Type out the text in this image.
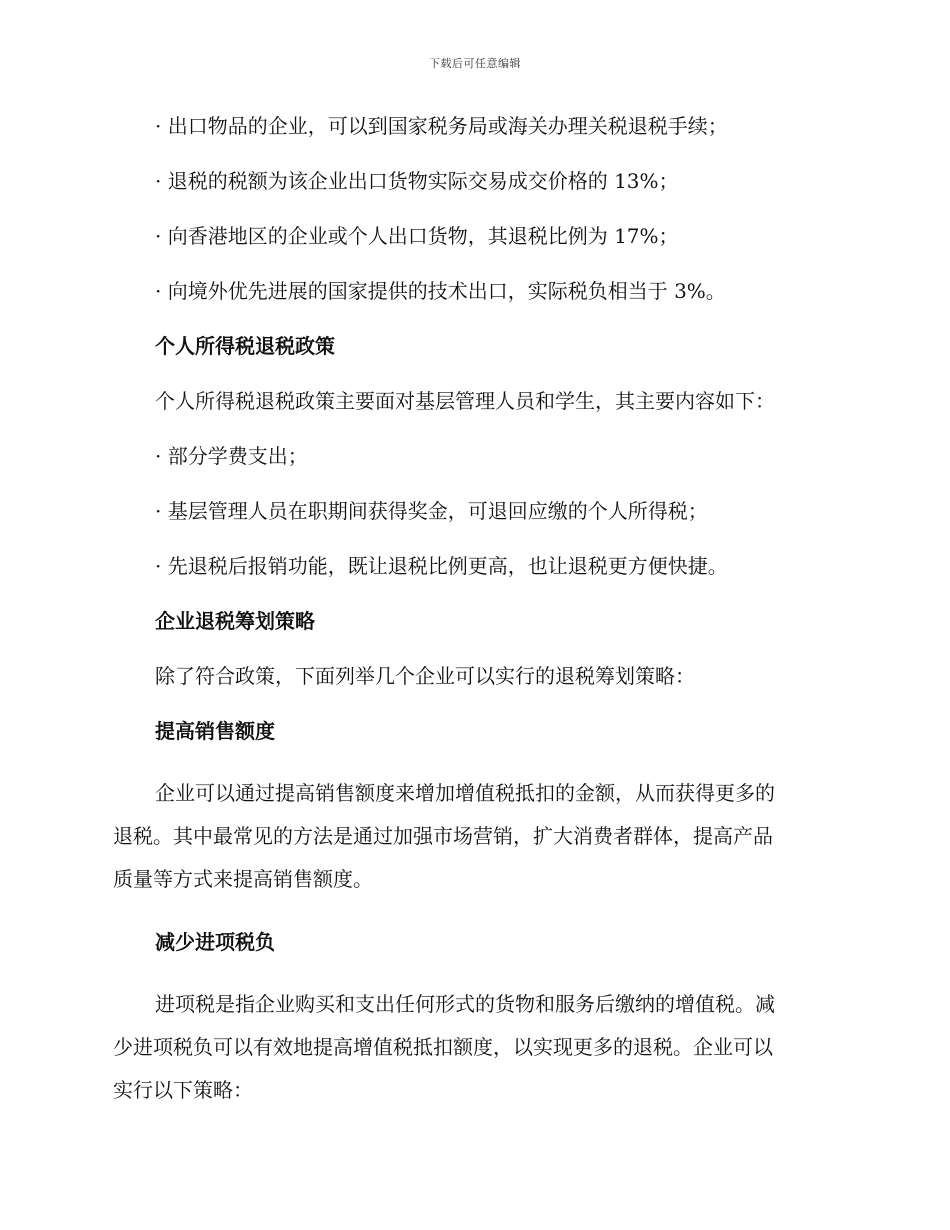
下载后可任意编辑

· 出口物品的企业，可以到国家税务局或海关办理关税退税手续；

· 退税的税额为该企业出口货物实际交易成交价格的 13%；

· 向香港地区的企业或个人出口货物，其退税比例为 17%；

· 向境外优先进展的国家提供的技术出口，实际税负相当于 3%。

个人所得税退税政策

个人所得税退税政策主要面对基层管理人员和学生，其主要内容如下：

· 部分学费支出；

· 基层管理人员在职期间获得奖金，可退回应缴的个人所得税；

· 先退税后报销功能，既让退税比例更高，也让退税更方便快捷。

企业退税筹划策略

除了符合政策，下面列举几个企业可以实行的退税筹划策略：

提高销售额度

企业可以通过提高销售额度来增加增值税抵扣的金额，从而获得更多的
退税。其中最常见的方法是通过加强市场营销，扩大消费者群体，提高产品
质量等方式来提高销售额度。

减少进项税负

进项税是指企业购买和支出任何形式的货物和服务后缴纳的增值税。减
少进项税负可以有效地提高增值税抵扣额度，以实现更多的退税。企业可以
实行以下策略：
